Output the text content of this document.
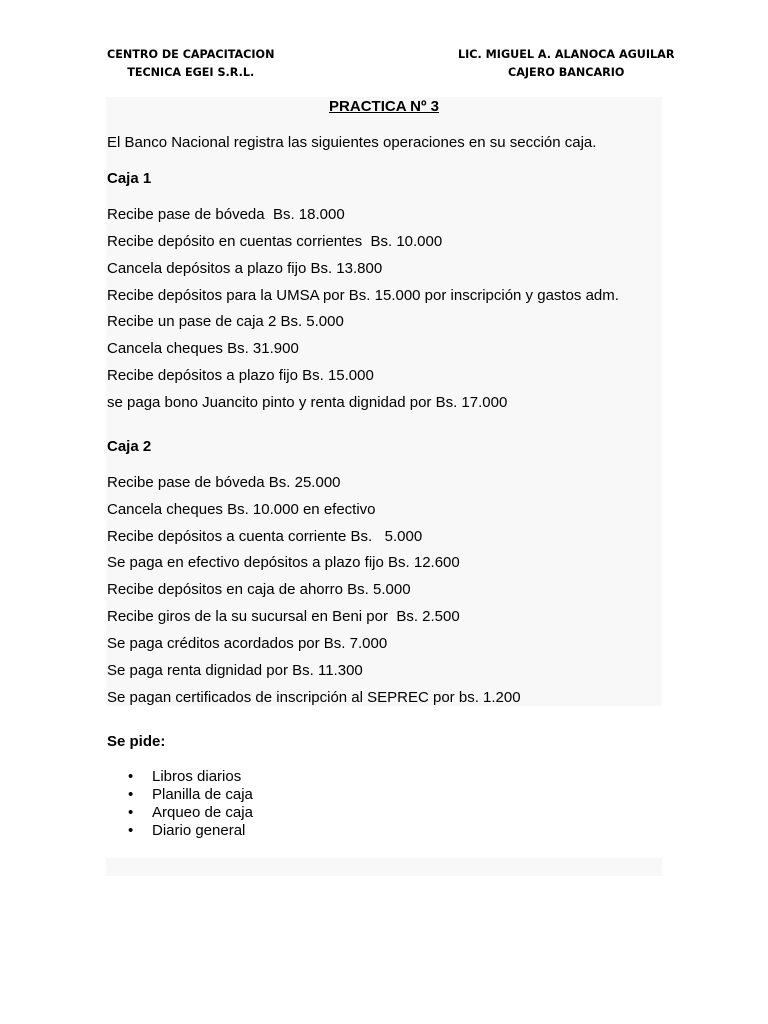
CENTRO DE CAPACITACION
TECNICA EGEI S.R.L.
LIC. MIGUEL A. ALANOCA AGUILAR
CAJERO BANCARIO
PRACTICA Nº 3
El Banco Nacional registra las siguientes operaciones en su sección caja.
Caja 1
Recibe pase de bóveda  Bs. 18.000
Recibe depósito en cuentas corrientes  Bs. 10.000
Cancela depósitos a plazo fijo Bs. 13.800
Recibe depósitos para la UMSA por Bs. 15.000 por inscripción y gastos adm.
Recibe un pase de caja 2 Bs. 5.000
Cancela cheques Bs. 31.900
Recibe depósitos a plazo fijo Bs. 15.000
se paga bono Juancito pinto y renta dignidad por Bs. 17.000
Caja 2
Recibe pase de bóveda Bs. 25.000
Cancela cheques Bs. 10.000 en efectivo
Recibe depósitos a cuenta corriente Bs.   5.000
Se paga en efectivo depósitos a plazo fijo Bs. 12.600
Recibe depósitos en caja de ahorro Bs. 5.000
Recibe giros de la su sucursal en Beni por  Bs. 2.500
Se paga créditos acordados por Bs. 7.000
Se paga renta dignidad por Bs. 11.300
Se pagan certificados de inscripción al SEPREC por bs. 1.200
Se pide:
• Libros diarios
• Planilla de caja
• Arqueo de caja
• Diario general
